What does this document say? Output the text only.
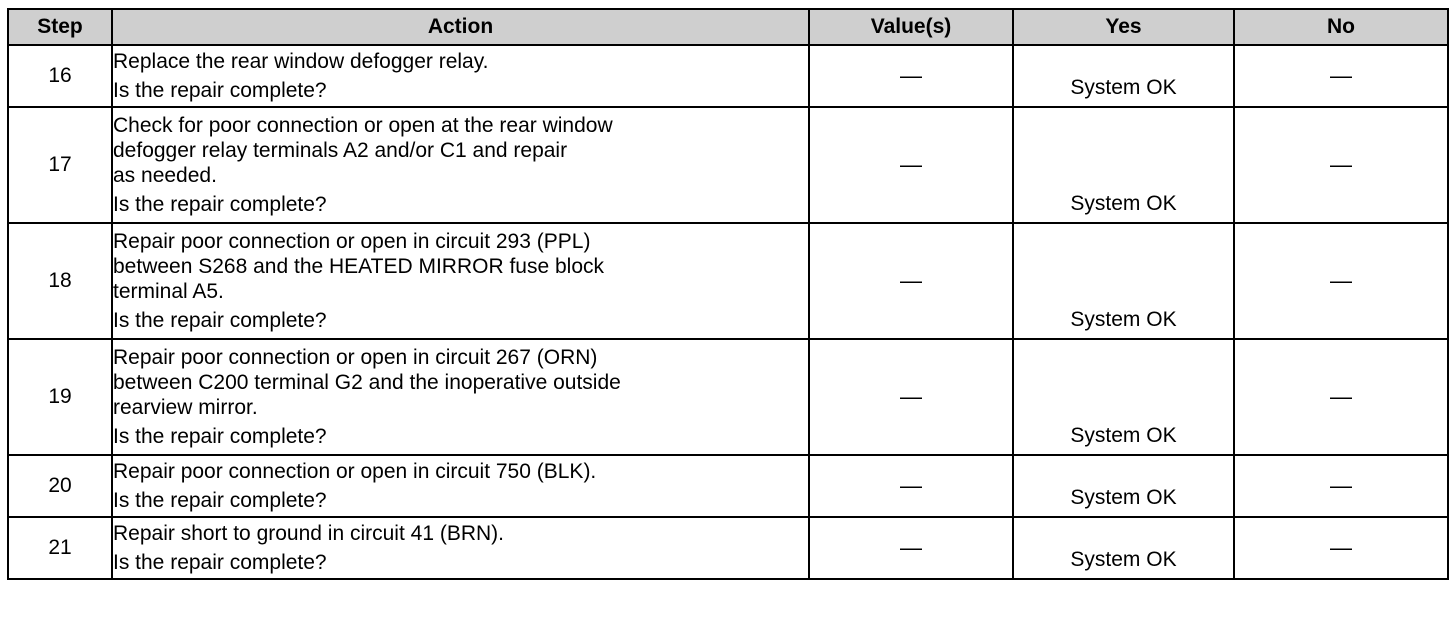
Step	Action	Value(s)	Yes	No
16	Replace the rear window defogger relay.
Is the repair complete?	—	System OK	—
17	Check for poor connection or open at the rear window
defogger relay terminals A2 and/or C1 and repair
as needed.
Is the repair complete?	—	System OK	—
18	Repair poor connection or open in circuit 293 (PPL)
between S268 and the HEATED MIRROR fuse block
terminal A5.
Is the repair complete?	—	System OK	—
19	Repair poor connection or open in circuit 267 (ORN)
between C200 terminal G2 and the inoperative outside
rearview mirror.
Is the repair complete?	—	System OK	—
20	Repair poor connection or open in circuit 750 (BLK).
Is the repair complete?	—	System OK	—
21	Repair short to ground in circuit 41 (BRN).
Is the repair complete?	—	System OK	—
